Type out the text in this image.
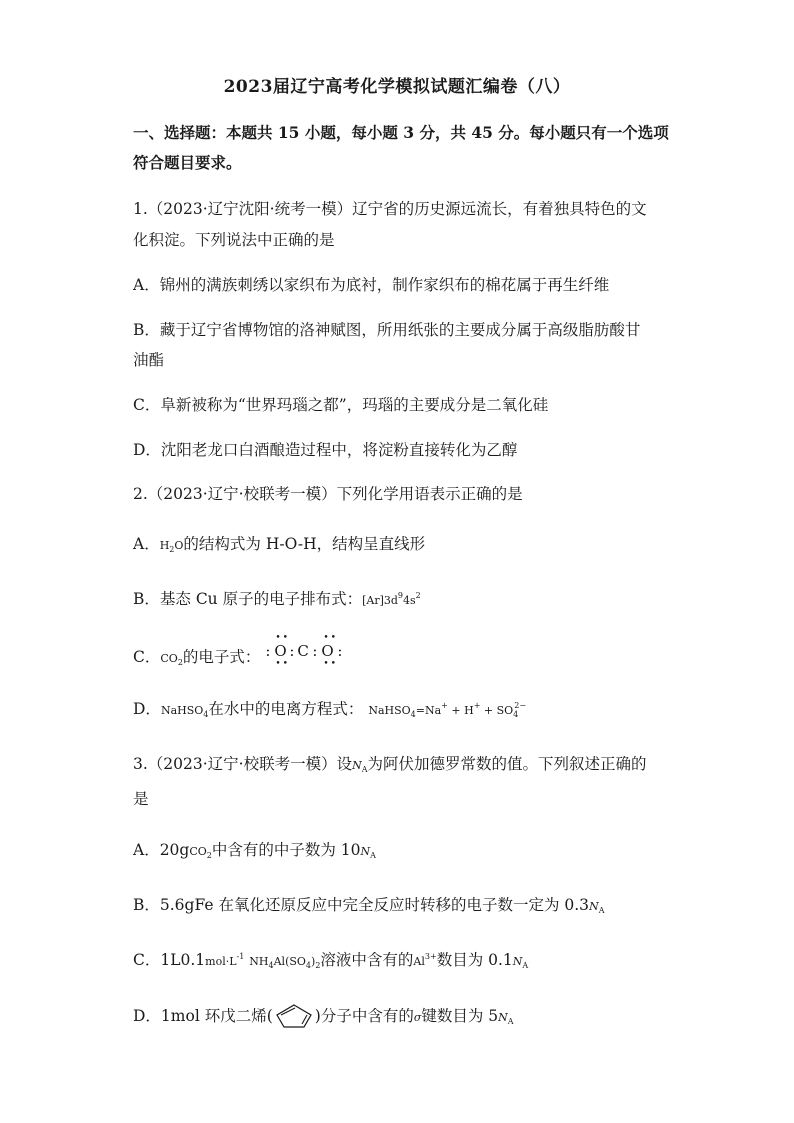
2023届辽宁高考化学模拟试题汇编卷（八）
一、选择题：本题共 15 小题，每小题 3 分，共 45 分。每小题只有一个选项
符合题目要求。
1.（2023·辽宁沈阳·统考一模）辽宁省的历史源远流长，有着独具特色的文
化积淀。下列说法中正确的是
A．锦州的满族刺绣以家织布为底衬，制作家织布的棉花属于再生纤维
B．藏于辽宁省博物馆的洛神赋图，所用纸张的主要成分属于高级脂肪酸甘
油酯
C．阜新被称为“世界玛瑙之都”，玛瑙的主要成分是二氧化硅
D．沈阳老龙口白酒酿造过程中，将淀粉直接转化为乙醇
2.（2023·辽宁·校联考一模）下列化学用语表示正确的是
A．$H_2O$的结构式为 H-O-H，结构呈直线形
B．基态 Cu 原子的电子排布式：$[Ar]3d^94s^2$
C．$CO_2$的电子式：
••
••
••
••
: O : C : O :
D．NaHSO$_4$在水中的电离方程式： NaHSO$_4$=Na+ + $H^+ + SO_4^{2-}$
3.（2023·辽宁·校联考一模）设$N_A$为阿伏加德罗常数的值。下列叙述正确的
是
A．20gCO$_2$中含有的中子数为 $10N_A$
B．5.6gFe 在氧化还原反应中完全反应时转移的电子数一定为 $0.3N_A$
C．$1L0.1mol\cdot L^{-1}$ $NH_4Al(SO_4)_2$溶液中含有的$Al^{3+}$数目为 $0.1N_A$
D．1mol 环戊二烯(	)分子中含有的σ键数目为 $5N_A$
